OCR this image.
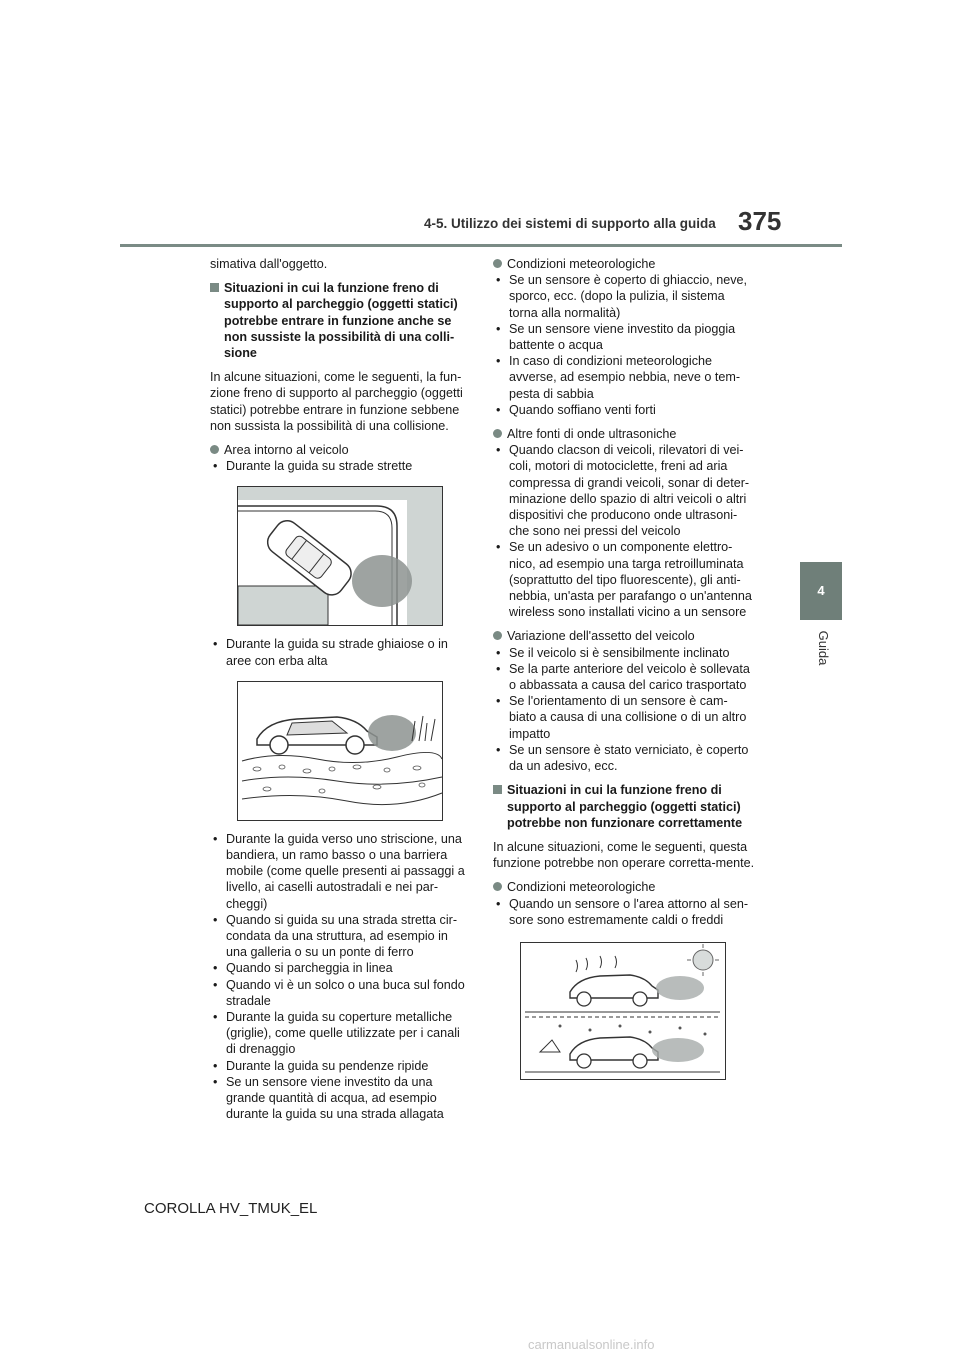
4-5. Utilizzo dei sistemi di supporto alla guida 375
4
Guida

simativa dall'oggetto.

Situazioni in cui la funzione freno di supporto al parcheggio (oggetti statici) potrebbe entrare in funzione anche se non sussiste la possibilità di una colli-sione

In alcune situazioni, come le seguenti, la fun-zione freno di supporto al parcheggio (oggetti statici) potrebbe entrare in funzione sebbene non sussista la possibilità di una collisione.

Area intorno al veicolo
• Durante la guida su strade strette
• Durante la guida su strade ghiaiose o in aree con erba alta
• Durante la guida verso uno striscione, una bandiera, un ramo basso o una barriera mobile (come quelle presenti ai passaggi a livello, ai caselli autostradali e nei par-cheggi)
• Quando si guida su una strada stretta cir-condata da una struttura, ad esempio in una galleria o su un ponte di ferro
• Quando si parcheggia in linea
• Quando vi è un solco o una buca sul fondo stradale
• Durante la guida su coperture metalliche (griglie), come quelle utilizzate per i canali di drenaggio
• Durante la guida su pendenze ripide
• Se un sensore viene investito da una grande quantità di acqua, ad esempio durante la guida su una strada allagata
Condizioni meteorologiche
• Se un sensore è coperto di ghiaccio, neve, sporco, ecc. (dopo la pulizia, il sistema torna alla normalità)
• Se un sensore viene investito da pioggia battente o acqua
• In caso di condizioni meteorologiche avverse, ad esempio nebbia, neve o tem-pesta di sabbia
• Quando soffiano venti forti
Altre fonti di onde ultrasoniche
• Quando clacson di veicoli, rilevatori di vei-coli, motori di motociclette, freni ad aria compressa di grandi veicoli, sonar di deter-minazione dello spazio di altri veicoli o altri dispositivi che producono onde ultrasoni-che sono nei pressi del veicolo
• Se un adesivo o un componente elettro-nico, ad esempio una targa retroilluminata (soprattutto del tipo fluorescente), gli anti-nebbia, un'asta per parafango o un'antenna wireless sono installati vicino a un sensore
Variazione dell'assetto del veicolo
• Se il veicolo si è sensibilmente inclinato
• Se la parte anteriore del veicolo è sollevata o abbassata a causa del carico trasportato
• Se l'orientamento di un sensore è cam-biato a causa di una collisione o di un altro impatto
• Se un sensore è stato verniciato, è coperto da un adesivo, ecc.
Situazioni in cui la funzione freno di supporto al parcheggio (oggetti statici) potrebbe non funzionare correttamente

In alcune situazioni, come le seguenti, questa funzione potrebbe non operare corretta-mente.

Condizioni meteorologiche
• Quando un sensore o l'area attorno al sen-sore sono estremamente caldi o freddi
COROLLA HV_TMUK_EL
carmanualsonline.info
